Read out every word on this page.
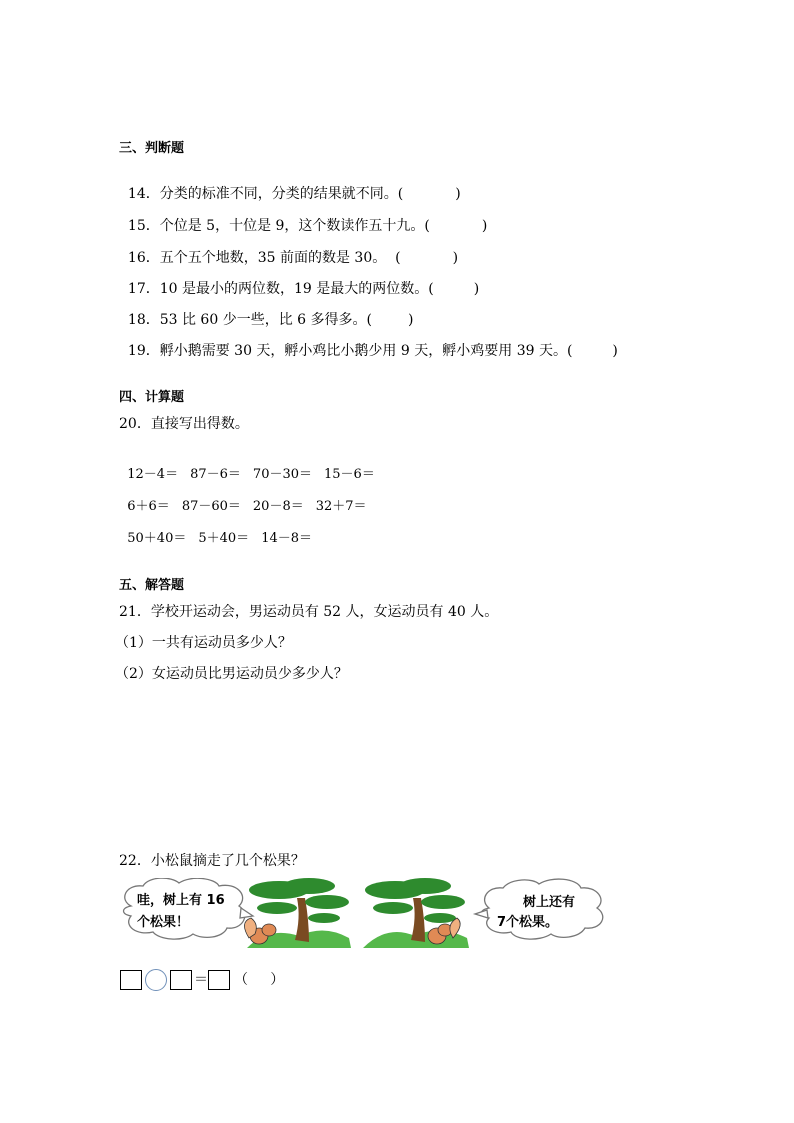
三、判断题

14．分类的标准不同，分类的结果就不同。(	)

15．个位是 5，十位是 9，这个数读作五十九。(	)

16．五个五个地数，35 前面的数是 30。  (	)

17．10 是最小的两位数，19 是最大的两位数。(	)

18．53 比 60 少一些，比 6 多得多。(	)

19．孵小鹅需要 30 天，孵小鸡比小鹅少用 9 天，孵小鸡要用 39 天。(	)

四、计算题
20．直接写出得数。

12－4＝ 87－6＝ 70－30＝ 15－6＝

6＋6＝ 87－60＝ 20－8＝ 32＋7＝

50＋40＝ 5＋40＝ 14－8＝

五、解答题
21．学校开运动会，男运动员有 52 人，女运动员有 40 人。
（1）一共有运动员多少人？
（2）女运动员比男运动员少多少人？
22．小松鼠摘走了几个松果？
哇，树上有 16
个松果！
树上还有
7个松果。
＝ （     ）
